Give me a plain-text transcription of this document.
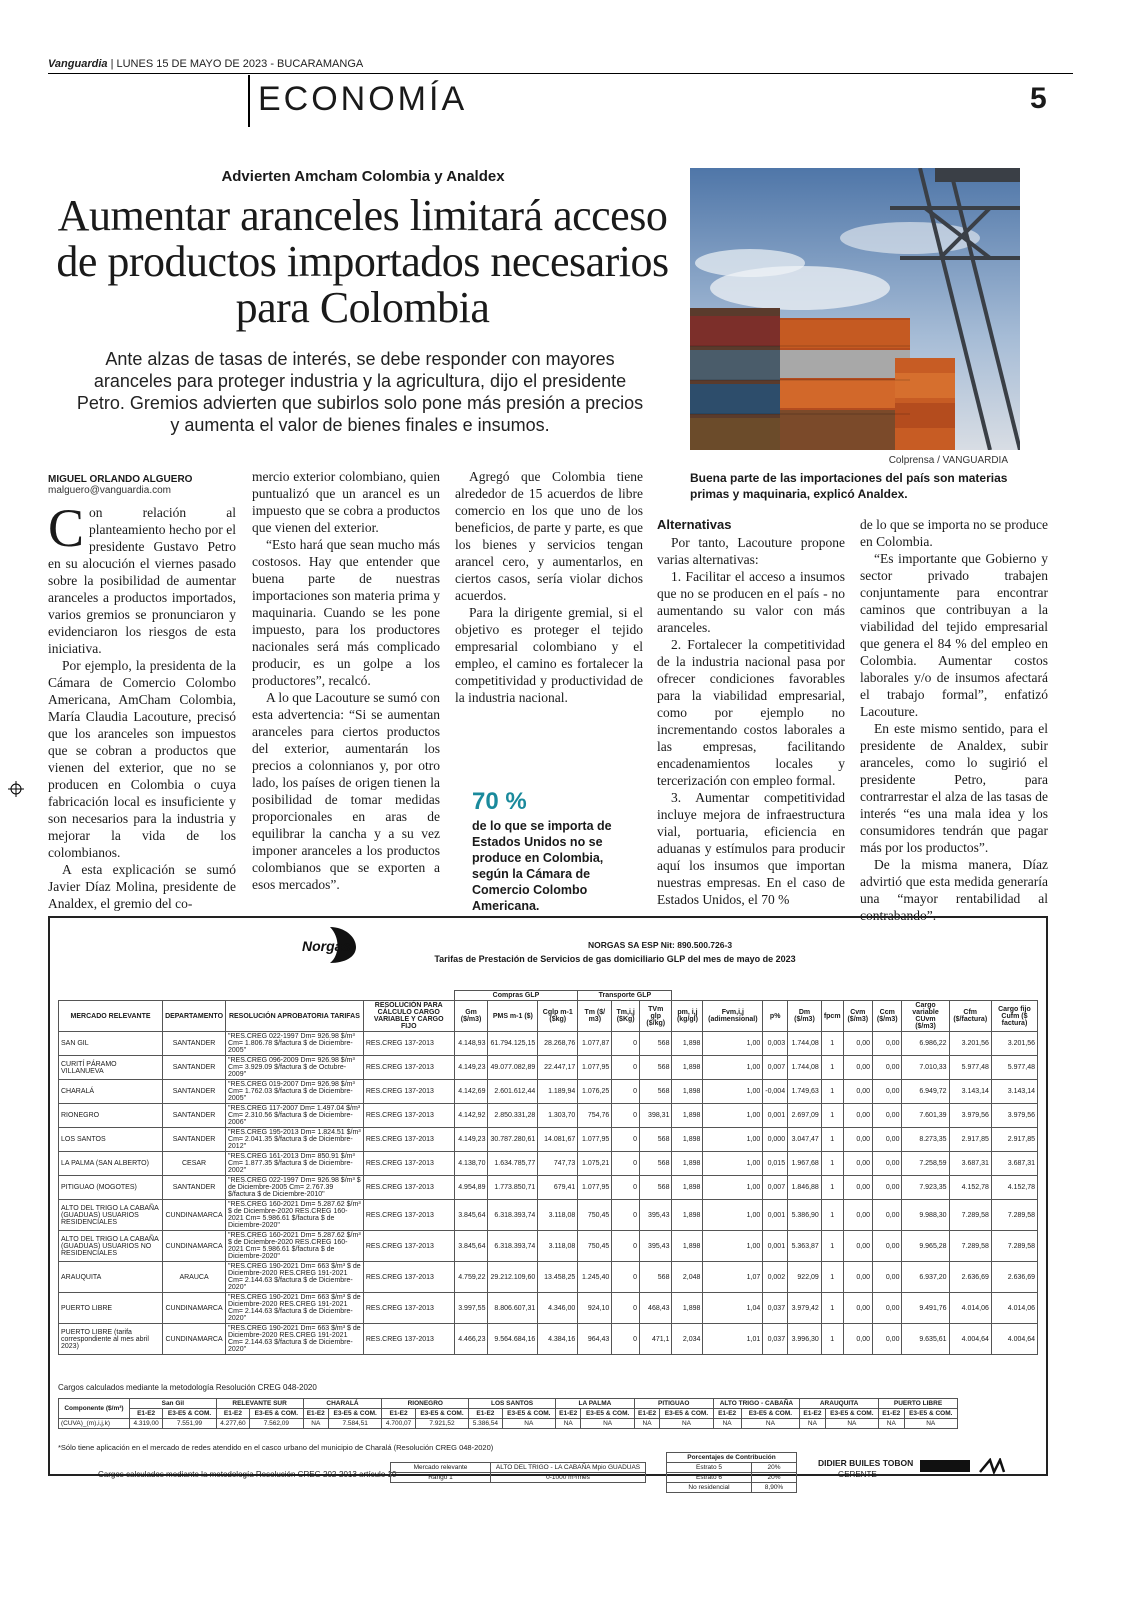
Vanguardia | LUNES 15 DE MAYO DE 2023 - BUCARAMANGA
ECONOMÍA	5
Advierten Amcham Colombia y Analdex
Aumentar aranceles limitará acceso de productos importados necesarios para Colombia
Ante alzas de tasas de interés, se debe responder con mayores aranceles para proteger industria y la agricultura, dijo el presidente Petro. Gremios advierten que subirlos solo pone más presión a precios y aumenta el valor de bienes finales e insumos.
Colprensa / VANGUARDIA
Buena parte de las importaciones del país son materias primas y maquinaria, explicó Analdex.
MIGUEL ORLANDO ALGUERO
malguero@vanguardia.com

Con relación al planteamiento hecho por el presidente Gustavo Petro en su alocución el viernes pasado sobre la posibilidad de aumentar aranceles a productos importados, varios gremios se pronunciaron y evidenciaron los riesgos de esta iniciativa.

Por ejemplo, la presidenta de la Cámara de Comercio Colombo Americana, AmCham Colombia, María Claudia Lacouture, precisó que los aranceles son impuestos que se cobran a productos que vienen del exterior, que no se producen en Colombia o cuya fabricación local es insuficiente y son necesarios para la industria y mejorar la vida de los colombianos.

A esta explicación se sumó Javier Díaz Molina, presidente de Analdex, el gremio del co-

mercio exterior colombiano, quien puntualizó que un arancel es un impuesto que se cobra a productos que vienen del exterior.

“Esto hará que sean mucho más costosos. Hay que entender que buena parte de nuestras importaciones son materia prima y maquinaria. Cuando se les pone impuesto, para los productores nacionales será más complicado producir, es un golpe a los productores”, recalcó.

A lo que Lacouture se sumó con esta advertencia: “Si se aumentan aranceles para ciertos productos del exterior, aumentarán los precios a colonnianos y, por otro lado, los países de origen tienen la posibilidad de tomar medidas proporcionales en aras de equilibrar la cancha y a su vez imponer aranceles a los productos colombianos que se exporten a esos mercados”.

Agregó que Colombia tiene alrededor de 15 acuerdos de libre comercio en los que uno de los beneficios, de parte y parte, es que los bienes y servicios tengan arancel cero, y aumentarlos, en ciertos casos, sería violar dichos acuerdos.

Para la dirigente gremial, si el objetivo es proteger el tejido empresarial colombiano y el empleo, el camino es fortalecer la competitividad y productividad de la industria nacional.

70 %
de lo que se importa de Estados Unidos no se produce en Colombia, según la Cámara de Comercio Colombo Americana.
Alternativas

Por tanto, Lacouture propone varias alternativas:

1. Facilitar el acceso a insumos que no se producen en el país - no aumentando su valor con más aranceles.

2. Fortalecer la competitividad de la industria nacional pasa por ofrecer condiciones favorables para la viabilidad empresarial, como por ejemplo no incrementando costos laborales a las empresas, facilitando encadenamientos locales y tercerización con empleo formal.

3. Aumentar competitividad incluye mejora de infraestructura vial, portuaria, eficiencia en aduanas y estímulos para producir aquí los insumos que importan nuestras empresas. En el caso de Estados Unidos, el 70 %

de lo que se importa no se produce en Colombia.

“Es importante que Gobierno y sector privado trabajen conjuntamente para encontrar caminos que contribuyan a la viabilidad del tejido empresarial que genera el 84 % del empleo en Colombia. Aumentar costos laborales y/o de insumos afectará el trabajo formal”, enfatizó Lacouture.

En este mismo sentido, para el presidente de Analdex, subir aranceles, como lo sugirió el presidente Petro, para contrarrestar el alza de las tasas de interés “es una mala idea y los consumidores tendrán que pagar más por los productos”.

De la misma manera, Díaz advirtió que esta medida generaría una “mayor rentabilidad al contrabando”.

Norgas	NORGAS SA ESP Nit: 890.500.726-3
Tarifas de Prestación de Servicios de gas domiciliario GLP del mes de mayo de 2023
				Compras GLP			Transporte GLP												
MERCADO RELEVANTE	DEPARTAMENTO	RESOLUCIÓN APROBATORIA TARIFAS	RESOLUCIÓN PARA CÁLCULO CARGO VARIABLE Y CARGO FIJO	Gm ($/m3)	PMS m-1 ($)	Cglp m-1 ($kg)	Tm ($/ m3)	Tm,i,j ($Kg)	TVm glp ($/kg)	pm, i,j (kg/gl)	Fvm,i,j (adimensional)	p%	Dm ($/m3)	fpcm	Cvm ($/m3)	Ccm ($/m3)	Cargo variable CUvm ($/m3)	Cfm ($/factura)	Cargo fijo Cufm ($ factura)
SAN GIL	SANTANDER	"RES.CREG 022-1997 Dm= 926.98 $/m³ Cm= 1.806.78 $/factura $ de Diciembre-2005"	RES.CREG 137-2013	4.148,93	61.794.125,15	28.268,76	1.077,87	0	568	1,898	1,00	0,003	1.744,08	1	0,00	0,00	6.986,22	3.201,56	3.201,56
CURITÍ PÁRAMO VILLANUEVA	SANTANDER	"RES.CREG 096-2009 Dm= 926.98 $/m³ Cm= 3.929.09 $/factura $ de Octubre-2009"	RES.CREG 137-2013	4.149,23	49.077.082,89	22.447,17	1.077,95	0	568	1,898	1,00	0,007	1.744,08	1	0,00	0,00	7.010,33	5.977,48	5.977,48
CHARALÁ	SANTANDER	"RES.CREG 019-2007 Dm= 926.98 $/m³ Cm= 1.762.03 $/factura $ de Diciembre-2005"	RES.CREG 137-2013	4.142,69	2.601.612,44	1.189,94	1.076,25	0	568	1,898	1,00	-0,004	1.749,63	1	0,00	0,00	6.949,72	3.143,14	3.143,14
RIONEGRO	SANTANDER	"RES.CREG 117-2007 Dm= 1.497.04 $/m³ Cm= 2.310.56 $/factura $ de Diciembre-2006"	RES.CREG 137-2013	4.142,92	2.850.331,28	1.303,70	754,76	0	398,31	1,898	1,00	0,001	2.697,09	1	0,00	0,00	7.601,39	3.979,56	3.979,56
LOS SANTOS	SANTANDER	"RES.CREG 195-2013 Dm= 1.824.51 $/m³ Cm= 2.041.35 $/factura $ de Diciembre-2012"	RES.CREG 137-2013	4.149,23	30.787.280,61	14.081,67	1.077,95	0	568	1,898	1,00	0,000	3.047,47	1	0,00	0,00	8.273,35	2.917,85	2.917,85
LA PALMA (SAN ALBERTO)	CESAR	"RES.CREG 161-2013 Dm= 850.91 $/m³ Cm= 1.877.35 $/factura $ de Diciembre-2002"	RES.CREG 137-2013	4.138,70	1.634.785,77	747,73	1.075,21	0	568	1,898	1,00	0,015	1.967,68	1	0,00	0,00	7.258,59	3.687,31	3.687,31
PITIGUAO (MOGOTES)	SANTANDER	"RES.CREG 022-1997 Dm= 926.98 $/m³ $ de Diciembre-2005 Cm= 2.767.39 $/factura $ de Diciembre-2010"	RES.CREG 137-2013	4.954,89	1.773.850,71	679,41	1.077,95	0	568	1,898	1,00	0,007	1.846,88	1	0,00	0,00	7.923,35	4.152,78	4.152,78
ALTO DEL TRIGO LA CABAÑA (GUADUAS) USUARIOS RESIDENCIALES	CUNDINAMARCA	"RES.CREG 160-2021 Dm= 5.287.62 $/m³ $ de Diciembre-2020 RES.CREG 160-2021 Cm= 5.986.61 $/factura $ de Diciembre-2020"	RES.CREG 137-2013	3.845,64	6.318.393,74	3.118,08	750,45	0	395,43	1,898	1,00	0,001	5.386,90	1	0,00	0,00	9.988,30	7.289,58	7.289,58
ALTO DEL TRIGO LA CABAÑA (GUADUAS) USUARIOS NO RESIDENCIALES	CUNDINAMARCA	"RES.CREG 160-2021 Dm= 5.287.62 $/m³ $ de Diciembre-2020 RES.CREG 160-2021 Cm= 5.986.61 $/factura $ de Diciembre-2020"	RES.CREG 137-2013	3.845,64	6.318.393,74	3.118,08	750,45	0	395,43	1,898	1,00	0,001	5.363,87	1	0,00	0,00	9.965,28	7.289,58	7.289,58
ARAUQUITA	ARAUCA	"RES.CREG 190-2021 Dm= 663 $/m³ $ de Diciembre-2020 RES.CREG 191-2021 Cm= 2.144.63 $/factura $ de Diciembre-2020"	RES.CREG 137-2013	4.759,22	29.212.109,60	13.458,25	1.245,40	0	568	2,048	1,07	0,002	922,09	1	0,00	0,00	6.937,20	2.636,69	2.636,69
PUERTO LIBRE	CUNDINAMARCA	"RES.CREG 190-2021 Dm= 663 $/m³ $ de Diciembre-2020 RES.CREG 191-2021 Cm= 2.144.63 $/factura $ de Diciembre-2020"	RES.CREG 137-2013	3.997,55	8.806.607,31	4.346,00	924,10	0	468,43	1,898	1,04	0,037	3.979,42	1	0,00	0,00	9.491,76	4.014,06	4.014,06
PUERTO LIBRE (tarifa correspondiente al mes abril 2023)	CUNDINAMARCA	"RES.CREG 190-2021 Dm= 663 $/m³ $ de Diciembre-2020 RES.CREG 191-2021 Cm= 2.144.63 $/factura $ de Diciembre-2020"	RES.CREG 137-2013	4.466,23	9.564.684,16	4.384,16	964,43	0	471,1	2,034	1,01	0,037	3.996,30	1	0,00	0,00	9.635,61	4.004,64	4.004,64
Cargos calculados mediante la metodología Resolución CREG 048-2020
Componente ($/m³)	San Gil		RELEVANTE SUR		CHARALÁ		RIONEGRO		LOS SANTOS		LA PALMA		PITIGUAO		ALTO TRIGO - CABAÑA		ARAUQUITA		PUERTO LIBRE	
	E1-E2	E3-E5 & COM.	E1-E2	E3-E5 & COM.	E1-E2	E3-E5 & COM.	E1-E2	E3-E5 & COM.	E1-E2	E3-E5 & COM.	E1-E2	E3-E5 & COM.	E1-E2	E3-E5 & COM.	E1-E2	E3-E5 & COM.	E1-E2	E3-E5 & COM.	E1-E2	E3-E5 & COM.
(CUVA)_(m),i,j,k)	4.319,00	7.551,99	4.277,60	7.562,09	NA	7.584,51	4.700,07	7.921,52	5.386,54	NA	NA	NA	NA	NA	NA	NA	NA	NA	NA	NA
*Sólo tiene aplicación en el mercado de redes atendido en el casco urbano del municipio de Charalá (Resolución CREG 048-2020)
Cargos calculados mediante la metodología Resolución CREG 202-2013 artículo 10
Mercado relevante	ALTO DEL TRIGO - LA CABAÑA Mpio GUADUAS
Rango 1	0-1000 m³/mes
Porcentajes de Contribución	
Estrato 5	20%
Estrato 6	20%
No residencial	8,90%
DIDIER BUILES TOBON
GERENTE
